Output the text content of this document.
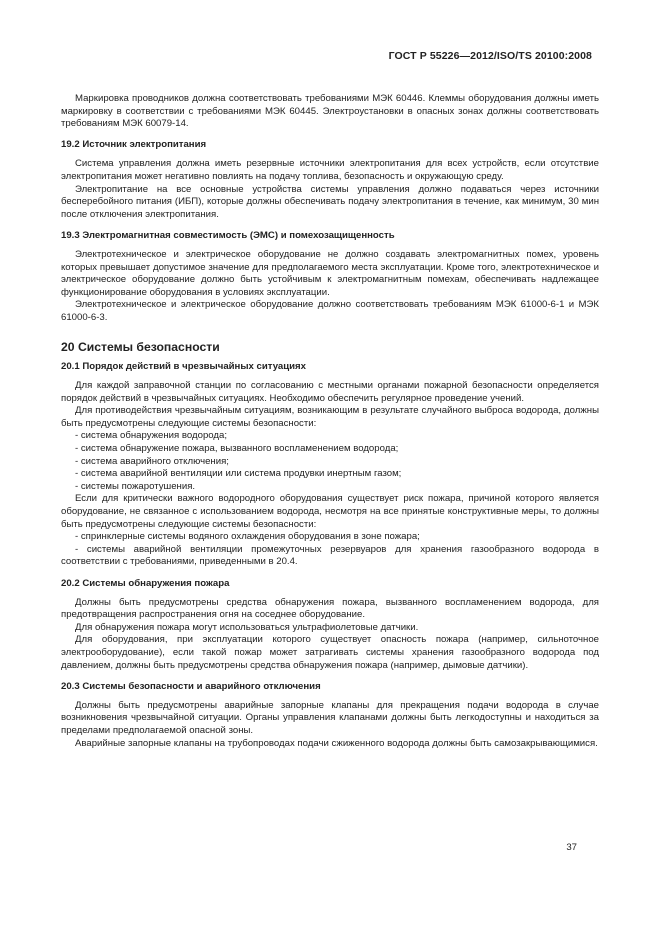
ГОСТ Р 55226—2012/ISO/TS 20100:2008

Маркировка проводников должна соответствовать требованиями МЭК 60446. Клеммы оборудования должны иметь маркировку в соответствии с требованиями МЭК 60445. Электроустановки в опасных зонах должны соответствовать требованиям МЭК 60079-14.

19.2 Источник электропитания

Система управления должна иметь резервные источники электропитания для всех устройств, если отсутствие электропитания может негативно повлиять на подачу топлива, безопасность и окружающую среду.

Электропитание на все основные устройства системы управления должно подаваться через источники бесперебойного питания (ИБП), которые должны обеспечивать подачу электропитания в течение, как минимум, 30 мин после отключения электропитания.

19.3 Электромагнитная совместимость (ЭМС) и помехозащищенность

Электротехническое и электрическое оборудование не должно создавать электромагнитных помех, уровень которых превышает допустимое значение для предполагаемого места эксплуатации. Кроме того, электротехническое и электрическое оборудование должно быть устойчивым к электромагнитным помехам, обеспечивать надлежащее функционирование оборудования в условиях эксплуатации.

Электротехническое и электрическое оборудование должно соответствовать требованиям МЭК 61000-6-1 и МЭК 61000-6-3.

20 Системы безопасности
20.1 Порядок действий в чрезвычайных ситуациях

Для каждой заправочной станции по согласованию с местными органами пожарной безопасности определяется порядок действий в чрезвычайных ситуациях. Необходимо обеспечить регулярное проведение учений.

Для противодействия чрезвычайным ситуациям, возникающим в результате случайного выброса водорода, должны быть предусмотрены следующие системы безопасности:

- система обнаружения водорода;

- система обнаружение пожара, вызванного воспламенением водорода;

- система аварийного отключения;

- система аварийной вентиляции или система продувки инертным газом;

- системы пожаротушения.

Если для критически важного водородного оборудования существует риск пожара, причиной которого является оборудование, не связанное с использованием водорода, несмотря на все принятые конструктивные меры, то должны быть предусмотрены следующие системы безопасности:

- спринклерные системы водяного охлаждения оборудования в зоне пожара;

- системы аварийной вентиляции промежуточных резервуаров для хранения газообразного водорода в соответствии с требованиями, приведенными в 20.4.

20.2 Системы обнаружения пожара

Должны быть предусмотрены средства обнаружения пожара, вызванного воспламенением водорода, для предотвращения распространения огня на соседнее оборудование.

Для обнаружения пожара могут использоваться ультрафиолетовые датчики.

Для оборудования, при эксплуатации которого существует опасность пожара (например, сильноточное электрооборудование), если такой пожар может затрагивать системы хранения газообразного водорода под давлением, должны быть предусмотрены средства обнаружения пожара (например, дымовые датчики).

20.3 Системы безопасности и аварийного отключения

Должны быть предусмотрены аварийные запорные клапаны для прекращения подачи водорода в случае возникновения чрезвычайной ситуации. Органы управления клапанами должны быть легкодоступны и находиться за пределами предполагаемой опасной зоны.

Аварийные запорные клапаны на трубопроводах подачи сжиженного водорода должны быть самозакрывающимися.

37
